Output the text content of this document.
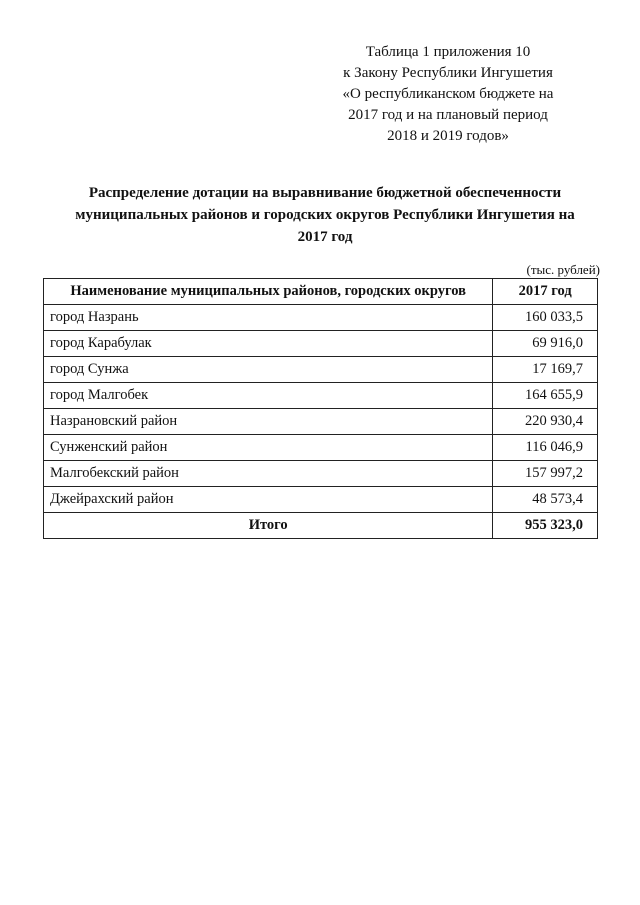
Таблица 1 приложения 10
к Закону Республики Ингушетия
«О республиканском бюджете на
2017 год и на плановый период
2018 и 2019 годов»
Распределение дотации на выравнивание бюджетной обеспеченности
муниципальных районов и городских округов Республики Ингушетия на
2017 год
(тыс. рублей)
Наименование муниципальных районов, городских округов	2017 год
город Назрань	160 033,5
город Карабулак	69 916,0
город Сунжа	17 169,7
город Малгобек	164 655,9
Назрановский район	220 930,4
Сунженский район	116 046,9
Малгобекский район	157 997,2
Джейрахский район	48 573,4
Итого	955 323,0
